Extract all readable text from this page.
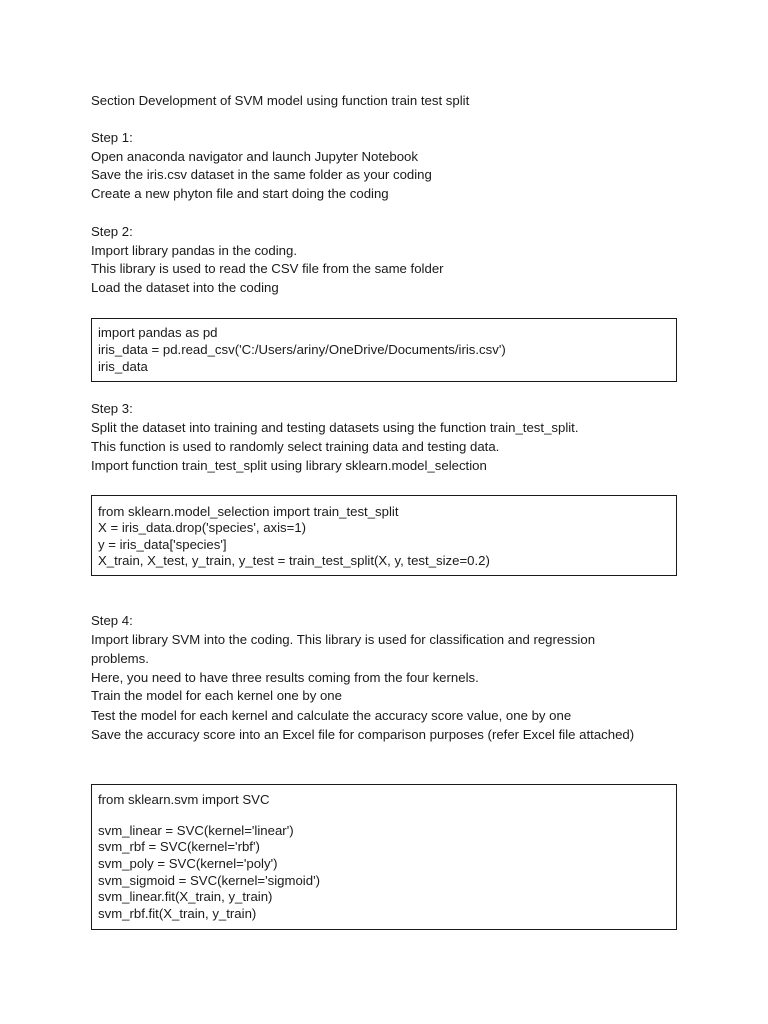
Section Development of SVM model using function train test split
Step 1:
Open anaconda navigator and launch Jupyter Notebook
Save the iris.csv dataset in the same folder as your coding
Create a new phyton file and start doing the coding
Step 2:
Import library pandas in the coding.
This library is used to read the CSV file from the same folder
Load the dataset into the coding
import pandas as pd
iris_data = pd.read_csv('C:/Users/ariny/OneDrive/Documents/iris.csv')
iris_data
Step 3:
Split the dataset into training and testing datasets using the function train_test_split.
This function is used to randomly select training data and testing data.
Import function train_test_split using library sklearn.model_selection
from sklearn.model_selection import train_test_split
X = iris_data.drop('species', axis=1)
y = iris_data['species']
X_train, X_test, y_train, y_test = train_test_split(X, y, test_size=0.2)
Step 4:
Import library SVM into the coding. This library is used for classification and regression
problems.
Here, you need to have three results coming from the four kernels.
Train the model for each kernel one by one
Test the model for each kernel and calculate the accuracy score value, one by one
Save the accuracy score into an Excel file for comparison purposes (refer Excel file attached)
from sklearn.svm import SVC
svm_linear = SVC(kernel='linear')
svm_rbf = SVC(kernel='rbf')
svm_poly = SVC(kernel='poly')
svm_sigmoid = SVC(kernel='sigmoid')
svm_linear.fit(X_train, y_train)
svm_rbf.fit(X_train, y_train)
